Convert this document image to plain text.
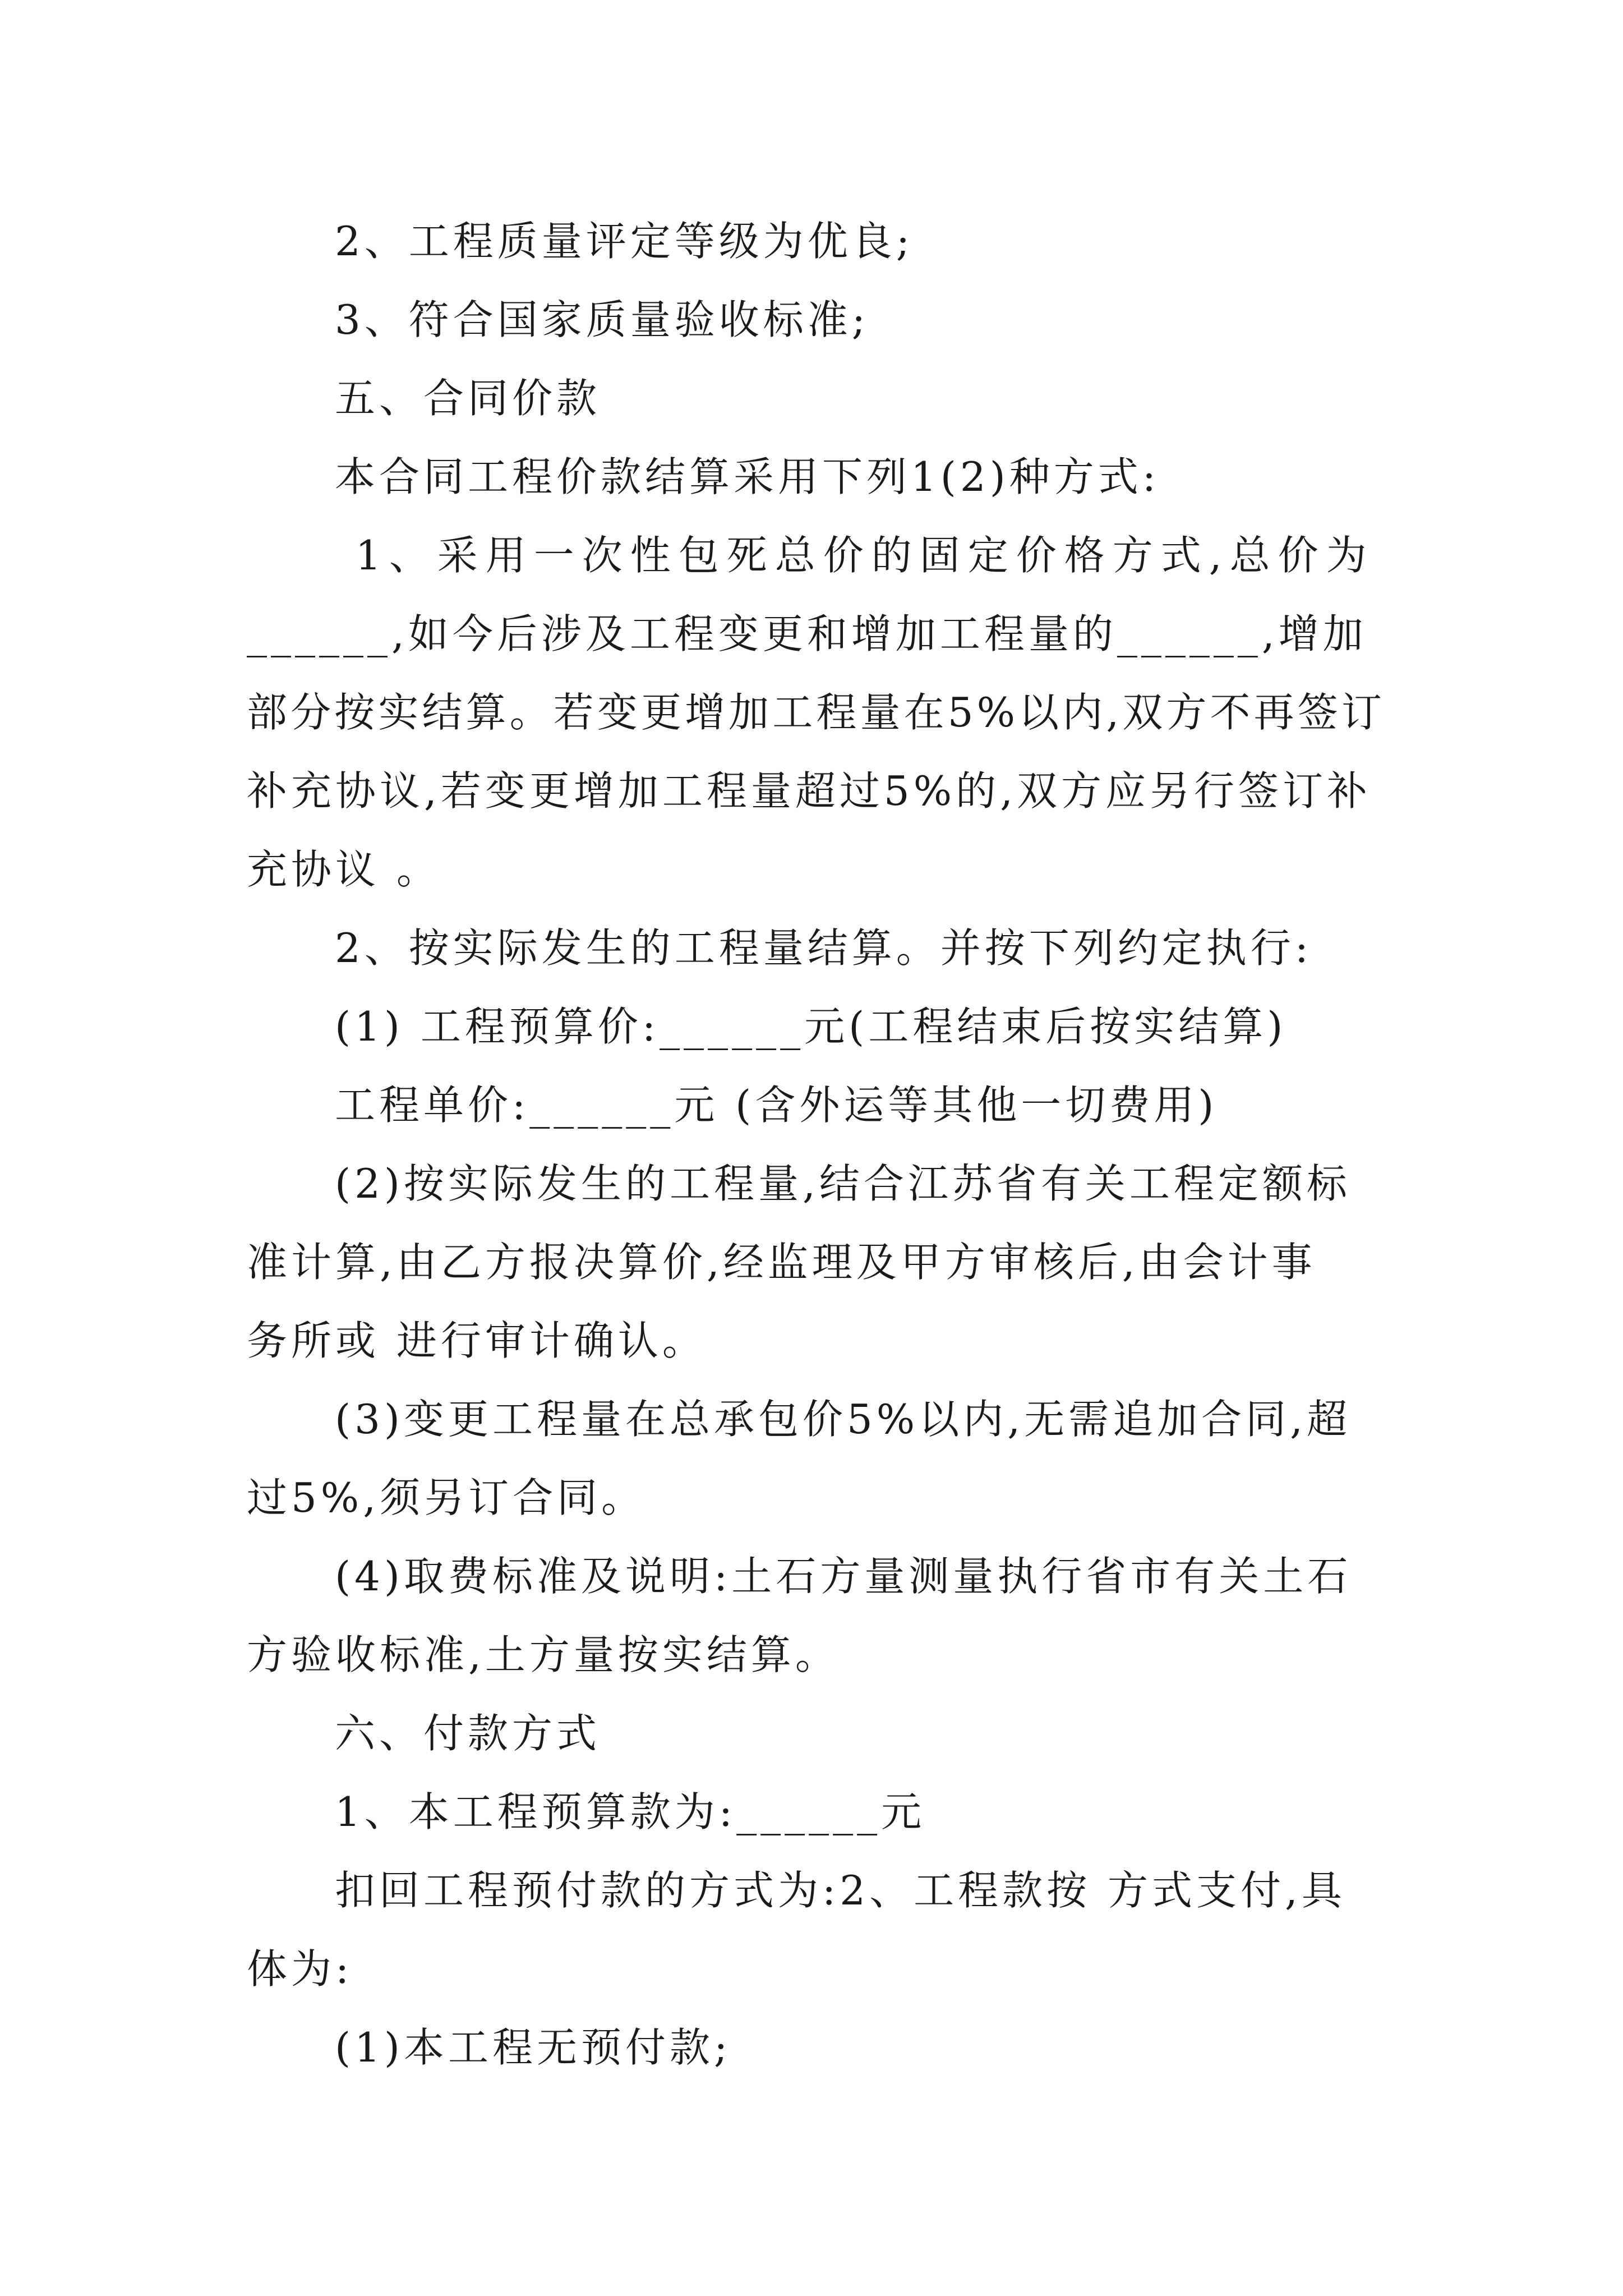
2、工程质量评定等级为优良;
3、符合国家质量验收标准;
五、合同价款
本合同工程价款结算采用下列1(2)种方式:
1、采用一次性包死总价的固定价格方式,总价为
______,如今后涉及工程变更和增加工程量的______,增加
部分按实结算。若变更增加工程量在5%以内,双方不再签订
补充协议,若变更增加工程量超过5%的,双方应另行签订补
充协议 。
2、按实际发生的工程量结算。并按下列约定执行:
(1) 工程预算价:______元(工程结束后按实结算)
工程单价:______元 (含外运等其他一切费用)
(2)按实际发生的工程量,结合江苏省有关工程定额标
准计算,由乙方报决算价,经监理及甲方审核后,由会计事
务所或 进行审计确认。
(3)变更工程量在总承包价5%以内,无需追加合同,超
过5%,须另订合同。
(4)取费标准及说明:土石方量测量执行省市有关土石
方验收标准,土方量按实结算。
六、付款方式
1、本工程预算款为:______元
扣回工程预付款的方式为:2、工程款按 方式支付,具
体为:
(1)本工程无预付款;
